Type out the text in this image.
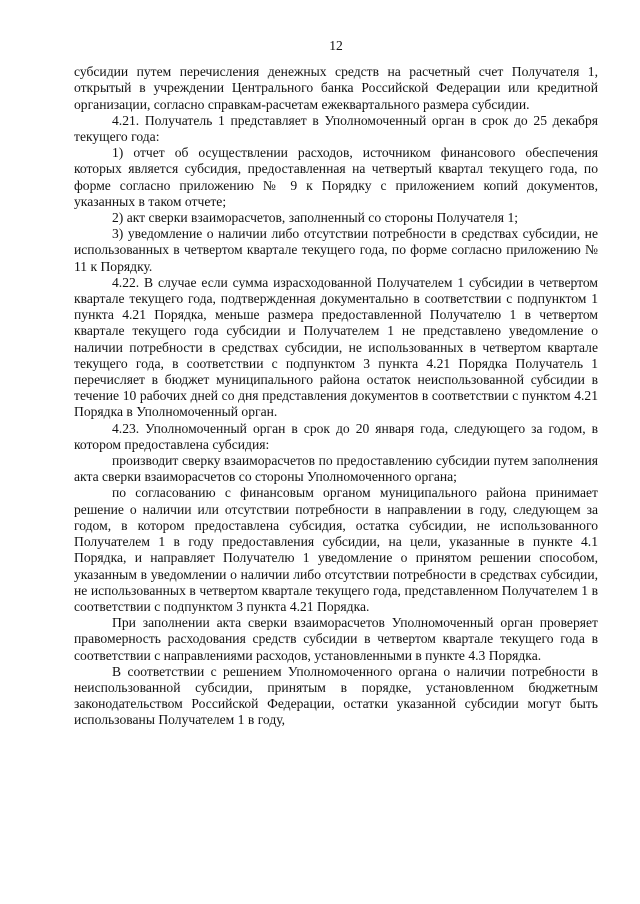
12

субсидии путем перечисления денежных средств на расчетный счет Получателя 1, открытый в учреждении Центрального банка Российской Федерации или кредитной организации, согласно справкам-расчетам ежеквартального размера субсидии.

4.21. Получатель 1 представляет в Уполномоченный орган в срок до 25 декабря текущего года:

1) отчет об осуществлении расходов, источником финансового обеспечения которых является субсидия, предоставленная на четвертый квартал текущего года, по форме согласно приложению № 9 к Порядку с приложением копий документов, указанных в таком отчете;

2) акт сверки взаиморасчетов, заполненный со стороны Получателя 1;

3) уведомление о наличии либо отсутствии потребности в средствах субсидии, не использованных в четвертом квартале текущего года, по форме согласно приложению № 11 к Порядку.

4.22. В случае если сумма израсходованной Получателем 1 субсидии в четвертом квартале текущего года, подтвержденная документально в соответствии с подпунктом 1 пункта 4.21 Порядка, меньше размера предоставленной Получателю 1 в четвертом квартале текущего года субсидии и Получателем 1 не представлено уведомление о наличии потребности в средствах субсидии, не использованных в четвертом квартале текущего года, в соответствии с подпунктом 3 пункта 4.21 Порядка Получатель 1 перечисляет в бюджет муниципального района остаток неиспользованной субсидии в течение 10 рабочих дней со дня представления документов в соответствии с пунктом 4.21 Порядка в Уполномоченный орган.

4.23. Уполномоченный орган в срок до 20 января года, следующего за годом, в котором предоставлена субсидия:

производит сверку взаиморасчетов по предоставлению субсидии путем заполнения акта сверки взаиморасчетов со стороны Уполномоченного органа;

по согласованию с финансовым органом муниципального района принимает решение о наличии или отсутствии потребности в направлении в году, следующем за годом, в котором предоставлена субсидия, остатка субсидии, не использованного Получателем 1 в году предоставления субсидии, на цели, указанные в пункте 4.1 Порядка, и направляет Получателю 1 уведомление о принятом решении способом, указанным в уведомлении о наличии либо отсутствии потребности в средствах субсидии, не использованных в четвертом квартале текущего года, представленном Получателем 1 в соответствии с подпунктом 3 пункта 4.21 Порядка.

При заполнении акта сверки взаиморасчетов Уполномоченный орган проверяет правомерность расходования средств субсидии в четвертом квартале текущего года в соответствии с направлениями расходов, установленными в пункте 4.3 Порядка.

В соответствии с решением Уполномоченного органа о наличии потребности в неиспользованной субсидии, принятым в порядке, установленном бюджетным законодательством Российской Федерации, остатки указанной субсидии могут быть использованы Получателем 1 в году,
